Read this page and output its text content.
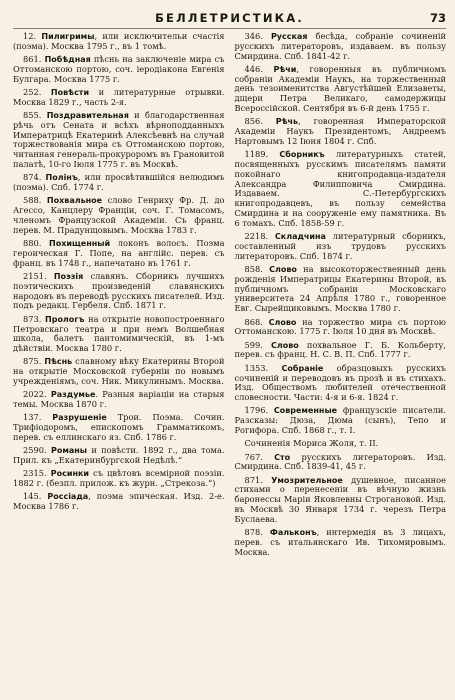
БЕЛЛЕТРИСТИКА.	73

12. Пилигримы, или исключительи счастія (поэма). Москва 1795 г., въ 1 томѣ.

861. Побѣдная пѣснь на заключеніе мира съ Оттоманскою портою, соч. іеродіакона Евгенія Булгара. Москва 1775 г.

252. Повѣсти и литературные отрывки. Москва 1829 г., часть 2-я.

855. Поздравительная и благодарственная рѣчь отъ Сената и всѣхъ вѣрноподданныхъ Императрицѣ Екатеринѣ Алексѣевнѣ на случай торжествованія мира съ Оттоманскою портою, читанная генераль-прокуроромъ въ Грановитой палатѣ, 10-го Іюля 1775 г. въ Москвѣ.

874. Полінъ, или просвѣтившійся нелюдимъ (поэма). Спб. 1774 г.

588. Похвальное слово Генриху Фр. Д. до Агессо, Канцлеру Франціи, соч. Г. Томасомъ, членомъ Французской Академіи. Съ франц. перев. М. Прадунщовымъ. Москва 1783 г.

880. Похищенный локонъ волосъ. Поэма героическая Г. Попе, на англійс. перев. съ франц. въ 1748 г., напечатано въ 1761 г.

2151. Поэзія славянъ. Сборникъ лучшихъ поэтическихъ произведеній славянскихъ народовъ въ переводѣ русскихъ писателей. Изд. подъ редакц. Гербеля. Спб. 1871 г.

873. Прологъ на открытіе новопостроеннаго Петровскаго театра и при немъ Волшебная школа, балетъ пантомимическій, въ 1-мъ дѣйствіи. Москва 1780 г.

875. Пѣснь славному вѣку Екатерины Второй на открытіе Московской губерніи по новымъ учрежденіямъ, соч. Ник. Микулинымъ. Москва.

2022. Раздумье. Разныя варіаціи на старыя темы. Москва 1870 г.

137. Разрушеніе Трои. Поэма. Сочин. Трифіодоромъ, епископомъ Грамматикомъ, перев. съ еллинскаго яз. Спб. 1786 г.

2590. Романы и повѣсти. 1892 г., два тома. Прил. къ „Екатеринбургской Недѣлѣ.“

2315. Росинки съ цвѣтовъ всемірной поэзіи. 1882 г. (безпл. прилож. къ журн. „Стрекоза.“)

145. Россіада, поэма эпическая. Изд. 2-е. Москва 1786 г.

346. Русская бесѣда, собраніе сочиненій русскихъ литераторовъ, издаваем. въ пользу Смирдина. Спб. 1841-42 г.

446. Рѣчи, говоренныя въ публичномъ собраніи Академіи Наукъ, на торжественный день тезоименитства Августѣйшей Елизаветы, дщери Петра Великаго, самодержицы Всероссійской. Сентября въ 6-й день 1755 г.

856. Рѣчь, говоренная Императорской Академіи Наукъ Президентомъ, Андреемъ Нартовымъ 12 Іюня 1804 г. Спб.

1189. Сборникъ литературныхъ статей, посвященныхъ русскимъ писателямъ памяти покойнаго книгопродавца-издателя Александра Филипповича Смирдина. Издаваем. С.-Петербургскихъ книгопродавцевъ, въ пользу семейства Смирдина и на сооруженіе ему памятника. Въ 6 томахъ. Спб. 1858-59 г.

2218. Складчина литературный сборникъ, составленный изъ трудовъ русскихъ литераторовъ. Спб. 1874 г.

858. Слово на высокоторжественный день рожденія Императрицы Екатерины Второй, въ публичномъ собраніи Московскаго университета 24 Апрѣля 1780 г., говоренное Евг. Сырейщиковымъ. Москва 1780 г.

868. Слово на торжество мира съ портою Оттоманскою. 1775 г. Іюля 10 дня въ Москвѣ.

599. Слово похвальное Г. Б. Кольберту, перев. съ франц. Н. С. В. П. Спб. 1777 г.

1353. Собраніе образцовыхъ русскихъ сочиненій и переводовъ въ прозѣ и въ стихахъ. Изд. Обществомъ любителей отечественной словесности. Части: 4-я и 6-я. 1824 г.

1796. Современные французскіе писатели. Разсказы: Дюза, Дюма (сынъ), Тепо и Рогифора. Спб. 1868 г., т. І.

Сочиненія Мориса Жоля, т. II.

767. Сто русскихъ литераторовъ. Изд. Смирдина. Спб. 1839-41, 45 г.

871. Умозрительное душевное, писанное стихами о перенесеніи въ вѣчную жизнь баронессы Маріи Яковлевны Строгановой. Изд. въ Москвѣ 30 Января 1734 г. черезъ Петра Буслаева.

878. Фальконъ, интермедія въ 3 лицахъ, перев. съ итальянскаго Ив. Тихомировымъ. Москва.
